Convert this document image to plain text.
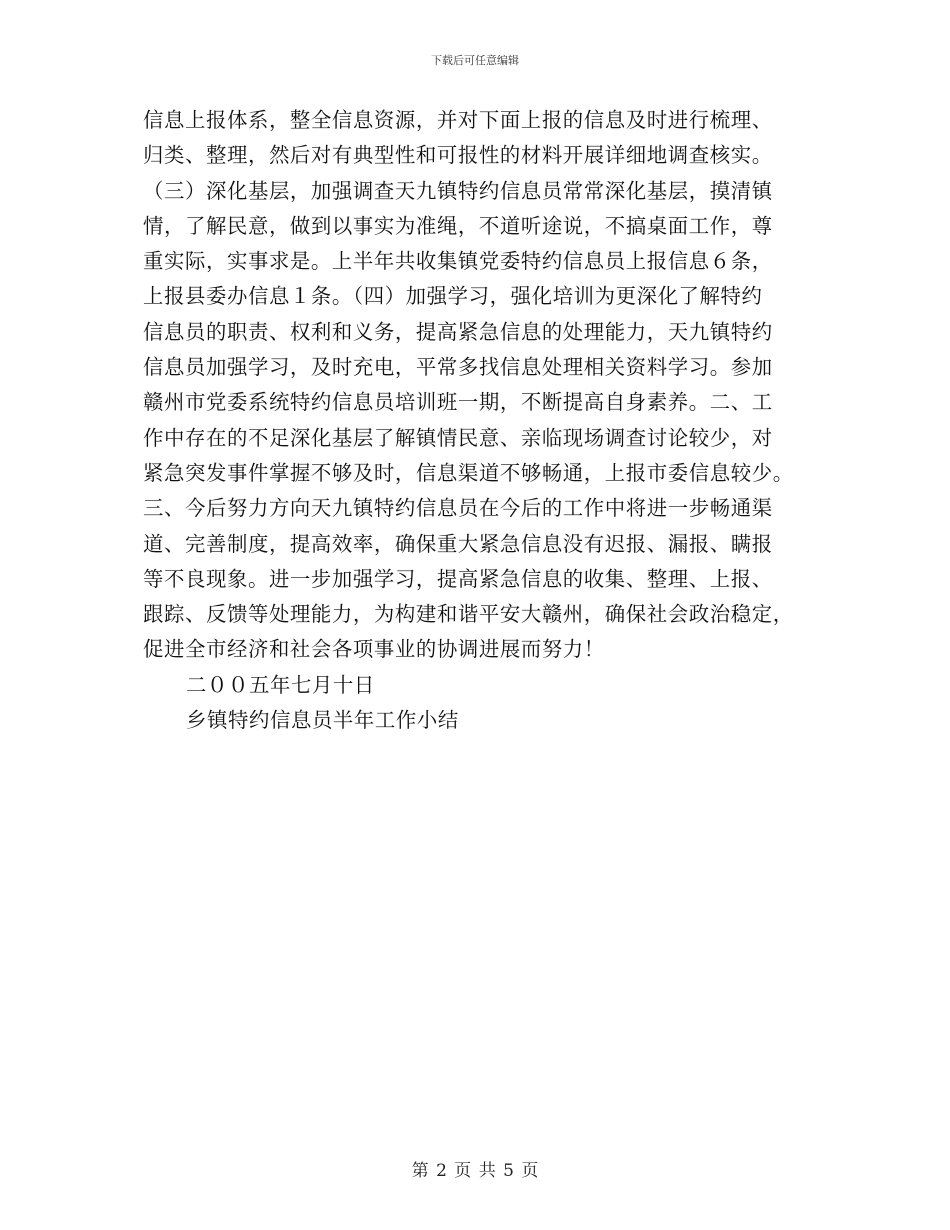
下载后可任意编辑
信息上报体系，整全信息资源，并对下面上报的信息及时进行梳理、
归类、整理，然后对有典型性和可报性的材料开展详细地调查核实。
（三）深化基层，加强调查天九镇特约信息员常常深化基层，摸清镇
情，了解民意，做到以事实为准绳，不道听途说，不搞桌面工作，尊
重实际，实事求是。上半年共收集镇党委特约信息员上报信息６条，
上报县委办信息１条。（四）加强学习，强化培训为更深化了解特约
信息员的职责、权利和义务，提高紧急信息的处理能力，天九镇特约
信息员加强学习，及时充电，平常多找信息处理相关资料学习。参加
赣州市党委系统特约信息员培训班一期，不断提高自身素养。二、工
作中存在的不足深化基层了解镇情民意、亲临现场调查讨论较少，对
紧急突发事件掌握不够及时，信息渠道不够畅通，上报市委信息较少。
三、今后努力方向天九镇特约信息员在今后的工作中将进一步畅通渠
道、完善制度，提高效率，确保重大紧急信息没有迟报、漏报、瞒报
等不良现象。进一步加强学习，提高紧急信息的收集、整理、上报、
跟踪、反馈等处理能力，为构建和谐平安大赣州，确保社会政治稳定，
促进全市经济和社会各项事业的协调进展而努力！
二００五年七月十日
乡镇特约信息员半年工作小结
第 2 页 共 5 页
